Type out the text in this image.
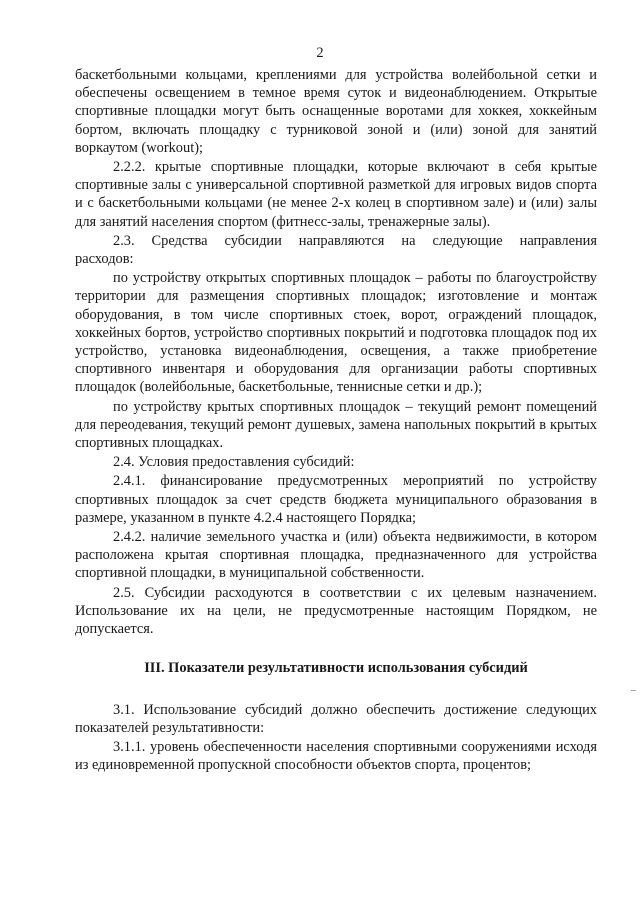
2

баскетбольными кольцами, креплениями для устройства волейбольной сетки и обеспечены освещением в темное время суток и видеонаблюдением. Открытые спортивные площадки могут быть оснащенные воротами для хоккея, хоккейным бортом, включать площадку с турниковой зоной и (или) зоной для занятий воркаутом (workout);

2.2.2. крытые спортивные площадки, которые включают в себя крытые спортивные залы с универсальной спортивной разметкой для игровых видов спорта и с баскетбольными кольцами (не менее 2-х колец в спортивном зале) и (или) залы для занятий населения спортом (фитнесс-залы, тренажерные залы).

2.3. Средства субсидии направляются на следующие направления расходов:

по устройству открытых спортивных площадок – работы по благоустройству территории для размещения спортивных площадок; изготовление и монтаж оборудования, в том числе спортивных стоек, ворот, ограждений площадок, хоккейных бортов, устройство спортивных покрытий и подготовка площадок под их устройство, установка видеонаблюдения, освещения, а также приобретение спортивного инвентаря и оборудования для организации работы спортивных площадок (волейбольные, баскетбольные, теннисные сетки и др.);

по устройству крытых спортивных площадок – текущий ремонт помещений для переодевания, текущий ремонт душевых, замена напольных покрытий в крытых спортивных площадках.

2.4. Условия предоставления субсидий:

2.4.1. финансирование предусмотренных мероприятий по устройству спортивных площадок за счет средств бюджета муниципального образования в размере, указанном в пункте 4.2.4 настоящего Порядка;

2.4.2. наличие земельного участка и (или) объекта недвижимости, в котором расположена крытая спортивная площадка, предназначенного для устройства спортивной площадки, в муниципальной собственности.

2.5. Субсидии расходуются в соответствии с их целевым назначением. Использование их на цели, не предусмотренные настоящим Порядком, не допускается.

III. Показатели результативности использования субсидий

3.1. Использование субсидий должно обеспечить достижение следующих показателей результативности:

3.1.1. уровень обеспеченности населения спортивными сооружениями исходя из единовременной пропускной способности объектов спорта, процентов;

–
